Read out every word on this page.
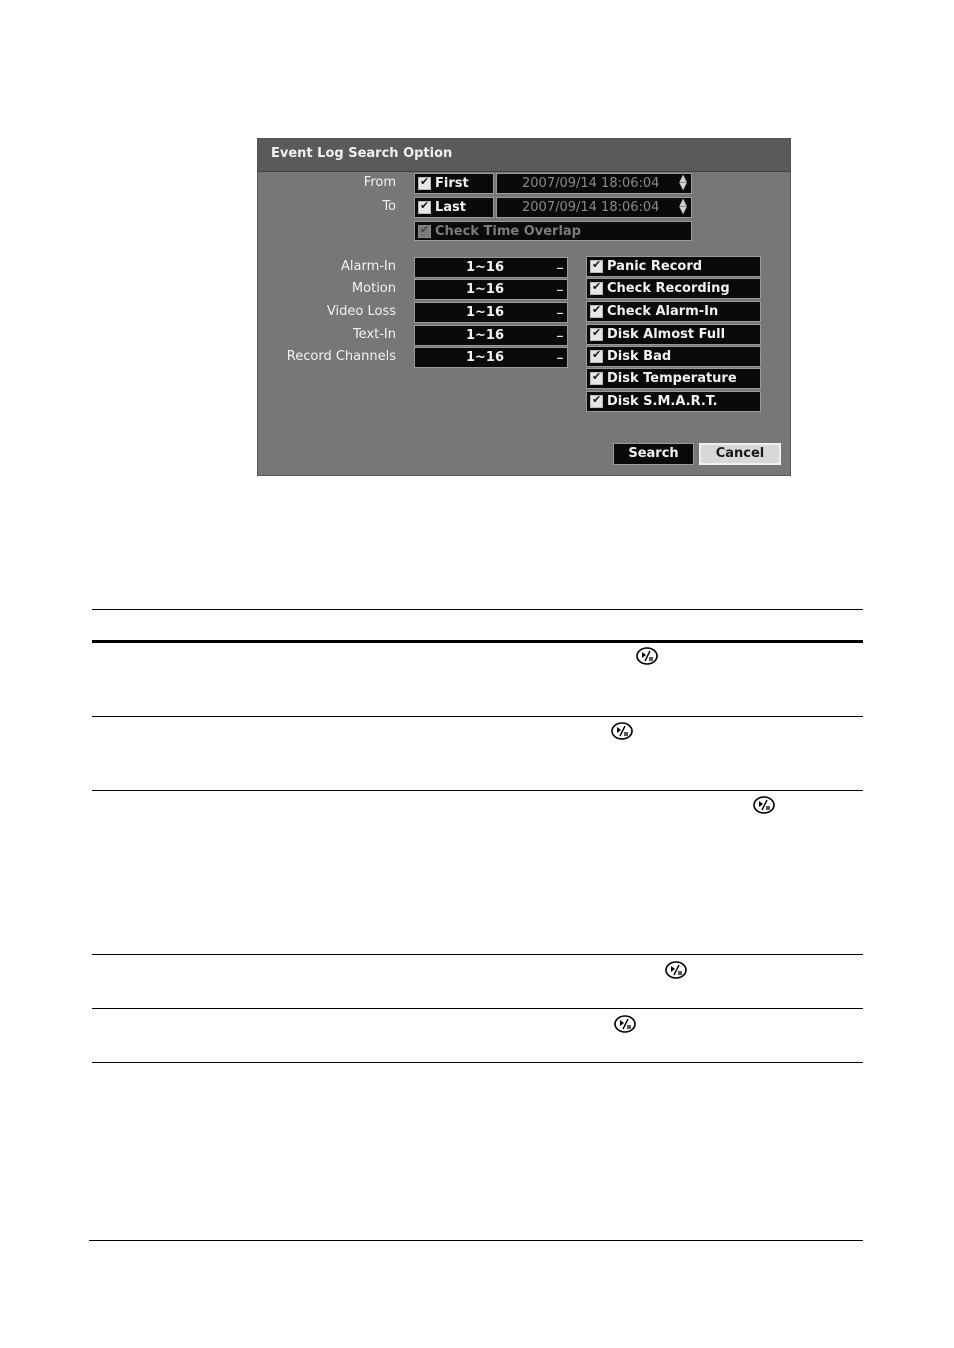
Event Log Search Option
From ✔	First	2007/09/14 18:06:04 ▲
▼
To ✔	Last	2007/09/14 18:06:04 ▲
▼
✔
Check Time Overlap
Alarm-In	1~16	_
Motion	1~16	_
Video Loss	1~16	_
Text-In	1~16	_
Record Channels	1~16	_
✔
Panic Record
✔
Check Recording
✔
Check Alarm-In
✔
Disk Almost Full
✔
Disk Bad
✔
Disk Temperature
✔
Disk S.M.A.R.T.
Search	Cancel
